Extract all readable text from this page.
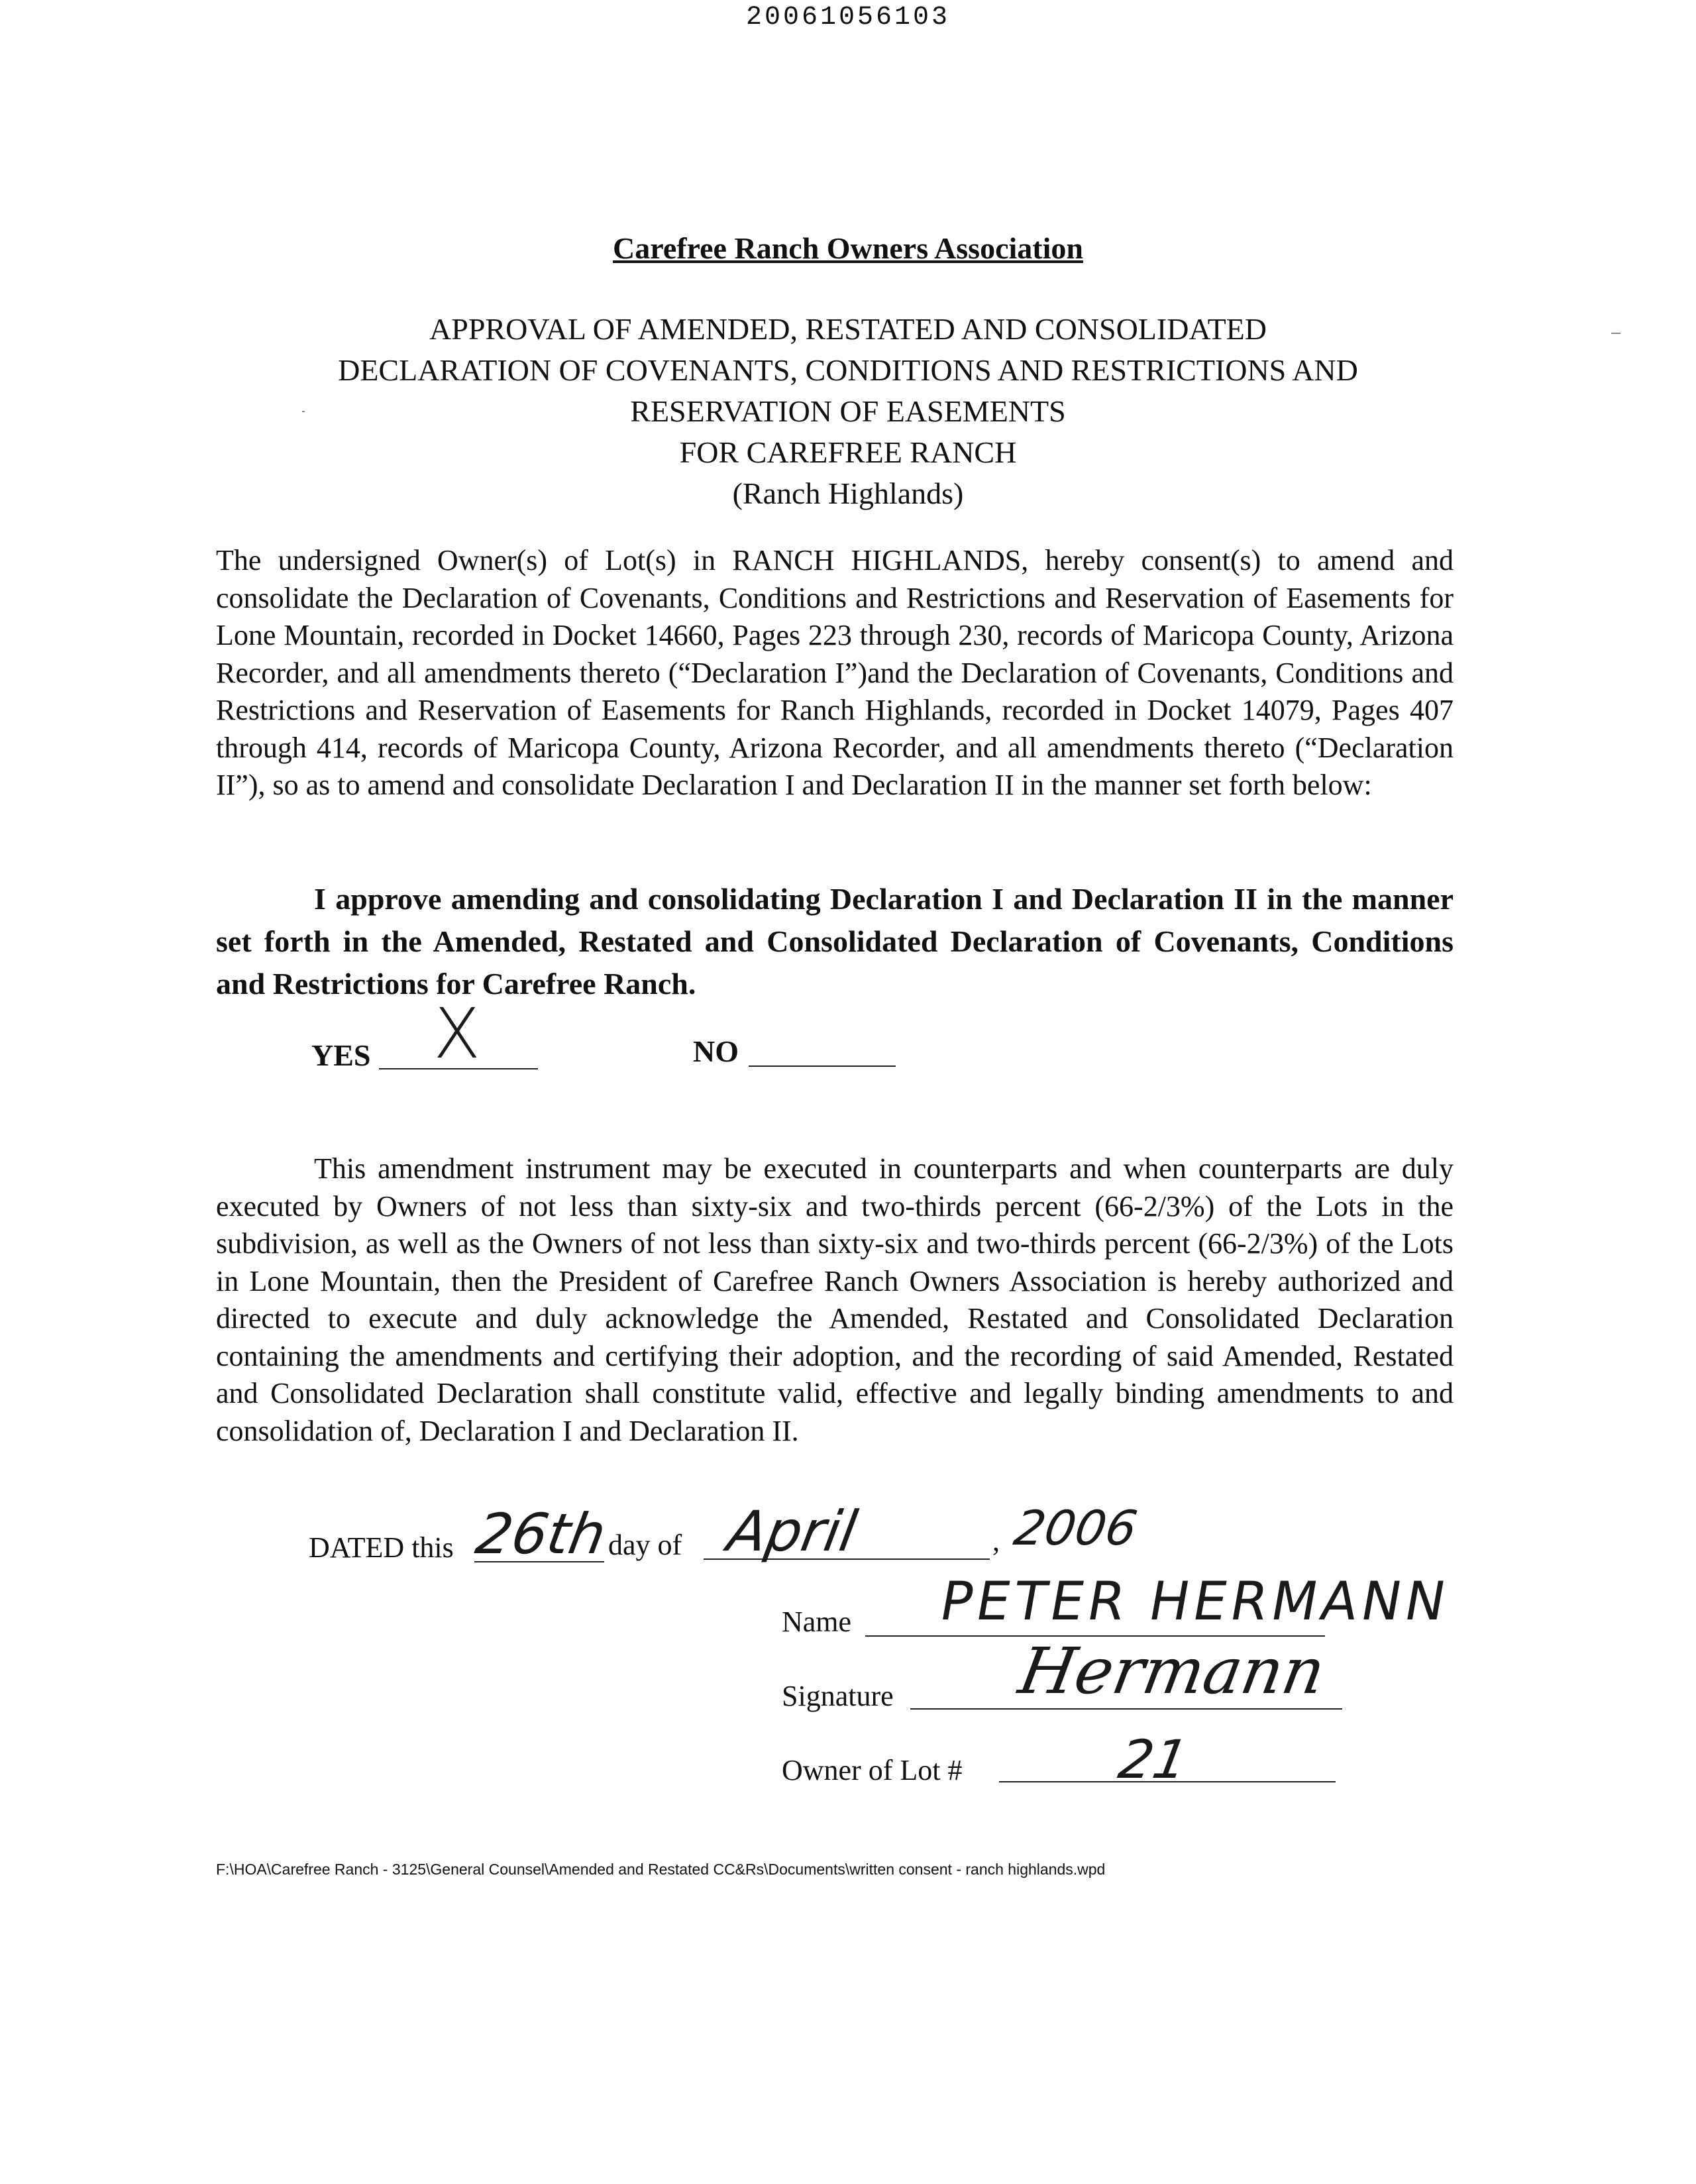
20061056103
Carefree Ranch Owners Association
APPROVAL OF AMENDED, RESTATED AND CONSOLIDATED
DECLARATION OF COVENANTS, CONDITIONS AND RESTRICTIONS AND
RESERVATION OF EASEMENTS
FOR CAREFREE RANCH
(Ranch Highlands)

The undersigned Owner(s) of Lot(s) in RANCH HIGHLANDS, hereby consent(s) to amend and consolidate the Declaration of Covenants, Conditions and Restrictions and Reservation of Easements for Lone Mountain, recorded in Docket 14660, Pages 223 through 230, records of Maricopa County, Arizona Recorder, and all amendments thereto (“Declaration I”)and the Declaration of Covenants, Conditions and Restrictions and Reservation of Easements for Ranch Highlands, recorded in Docket 14079, Pages 407 through 414, records of Maricopa County, Arizona Recorder, and all amendments thereto (“Declaration II”), so as to amend and consolidate Declaration I and Declaration II in the manner set forth below:

I approve amending and consolidating Declaration I and Declaration II in the manner set forth in the Amended, Restated and Consolidated Declaration of Covenants, Conditions and Restrictions for Carefree Ranch.

YES X	NO

This amendment instrument may be executed in counterparts and when counterparts are duly executed by Owners of not less than sixty-six and two-thirds percent (66-2/3%) of the Lots in the subdivision, as well as the Owners of not less than sixty-six and two-thirds percent (66-2/3%) of the Lots in Lone Mountain, then the President of Carefree Ranch Owners Association is hereby authorized and directed to execute and duly acknowledge the Amended, Restated and Consolidated Declaration containing the amendments and certifying their adoption, and the recording of said Amended, Restated and Consolidated Declaration shall constitute valid, effective and legally binding amendments to and consolidation of, Declaration I and Declaration II.

DATED this 26th
day of April	, 2006
Name PETER HERMANN
Signature Hermann
Owner of Lot #	21
F:\HOA\Carefree Ranch - 3125\General Counsel\Amended and Restated CC&Rs\Documents\written consent - ranch highlands.wpd
